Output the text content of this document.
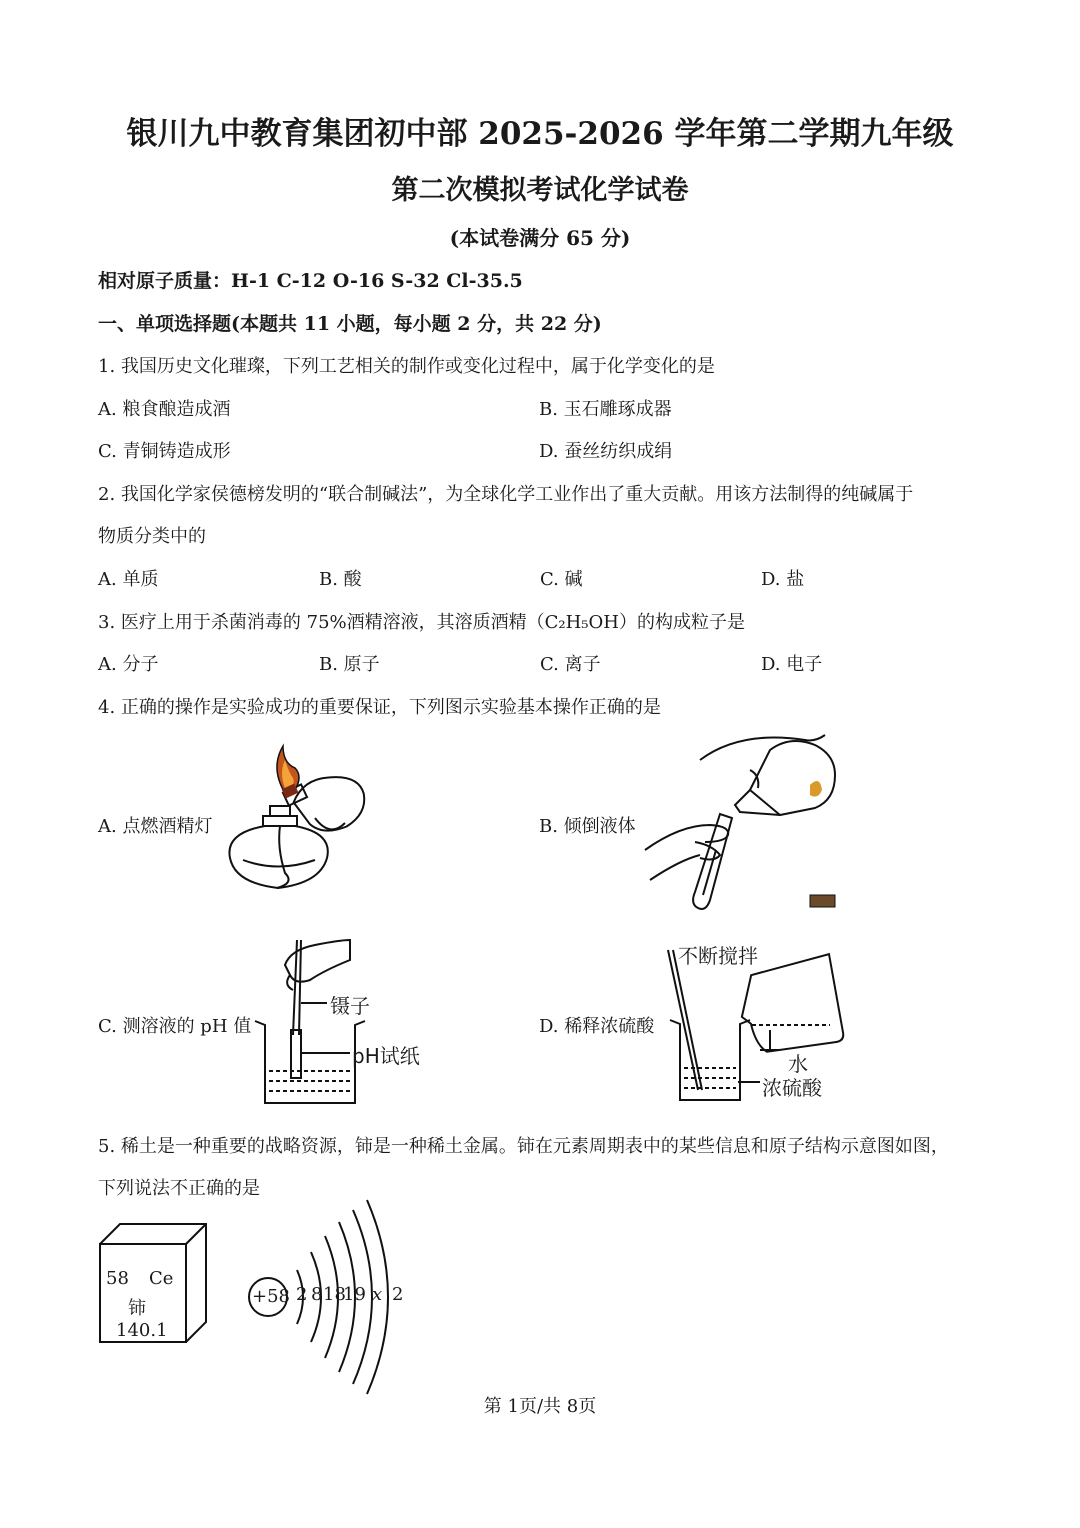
银川九中教育集团初中部 2025-2026 学年第二学期九年级
第二次模拟考试化学试卷
(本试卷满分 65 分)
相对原子质量：H-1 C-12 O-16 S-32 Cl-35.5
一、单项选择题(本题共 11 小题，每小题 2 分，共 22 分)
1. 我国历史文化璀璨，下列工艺相关的制作或变化过程中，属于化学变化的是
A. 粮食酿造成酒	B. 玉石雕琢成器
C. 青铜铸造成形	D. 蚕丝纺织成绢
2. 我国化学家侯德榜发明的“联合制碱法”，为全球化学工业作出了重大贡献。用该方法制得的纯碱属于
物质分类中的
A. 单质	B. 酸	C. 碱	D. 盐
3. 医疗上用于杀菌消毒的 75%酒精溶液，其溶质酒精（C₂H₅OH）的构成粒子是
A. 分子	B. 原子	C. 离子	D. 电子
4. 正确的操作是实验成功的重要保证，下列图示实验基本操作正确的是
A. 点燃酒精灯	B. 倾倒液体
C. 测溶液的 pH 值	D. 稀释浓硫酸
镊子
pH试纸
不断搅拌
水
浓硫酸
5. 稀土是一种重要的战略资源，铈是一种稀土金属。铈在元素周期表中的某些信息和原子结构示意图如图，
下列说法不正确的是
58 Ce
铈
140.1
+58 2 8 18
19 x 2
第 1页/共 8页
